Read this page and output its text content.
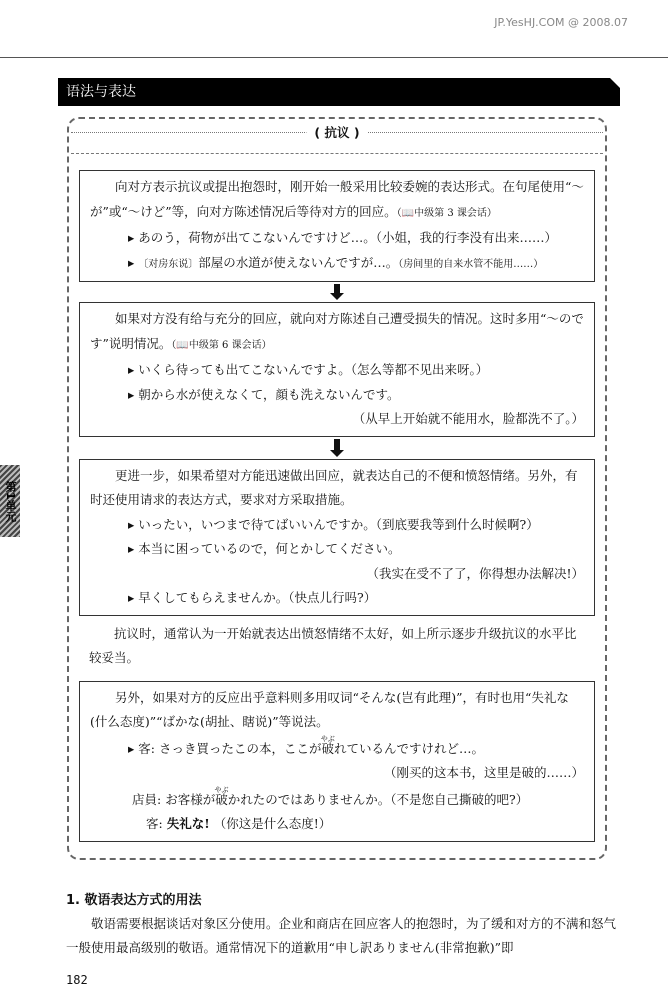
JP.YesHJ.COM @ 2008.07
第1单元
语法与表达
( 抗议 )

向对方表示抗议或提出抱怨时，刚开始一般采用比较委婉的表达形式。在句尾使用“～が”或“～けど”等，向对方陈述情况后等待对方的回应。（📖中级第 3 课会话）

▸ あのう，荷物が出てこないんですけど…。（小姐，我的行李没有出来……）
▸ 〔对房东说〕部屋の水道が使えないんですが…。（房间里的自来水管不能用……）

如果对方没有给与充分的回应，就向对方陈述自己遭受损失的情况。这时多用“～のです”说明情况。（📖中级第 6 课会话）

▸ いくら待っても出てこないんですよ。（怎么等都不见出来呀。）
▸ 朝から水が使えなくて，顔も洗えないんです。
（从早上开始就不能用水，脸都洗不了。）

更进一步，如果希望对方能迅速做出回应，就表达自己的不便和愤怒情绪。另外，有时还使用请求的表达方式，要求对方采取措施。

▸ いったい，いつまで待てばいいんですか。（到底要我等到什么时候啊?）
▸ 本当に困っているので，何とかしてください。
（我实在受不了了，你得想办法解决!）
▸ 早くしてもらえませんか。（快点儿行吗?）

抗议时，通常认为一开始就表达出愤怒情绪不太好，如上所示逐步升级抗议的水平比较妥当。

另外，如果对方的反应出乎意料则多用叹词“そんな(岂有此理)”，有时也用“失礼な(什么态度)”“ばかな(胡扯、瞎说)”等说法。

▸ 客: さっき買ったこの本，ここが破やぶれているんですけれど…。
（刚买的这本书，这里是破的……）
店員: お客様が破やぶかれたのではありませんか。（不是您自己撕破的吧?）
客: 失礼な! （你这是什么态度!）
1. 敬语表达方式的用法

敬语需要根据谈话对象区分使用。企业和商店在回应客人的抱怨时，为了缓和对方的不满和怒气一般使用最高级别的敬语。通常情况下的道歉用“申し訳ありません(非常抱歉)”即

182
